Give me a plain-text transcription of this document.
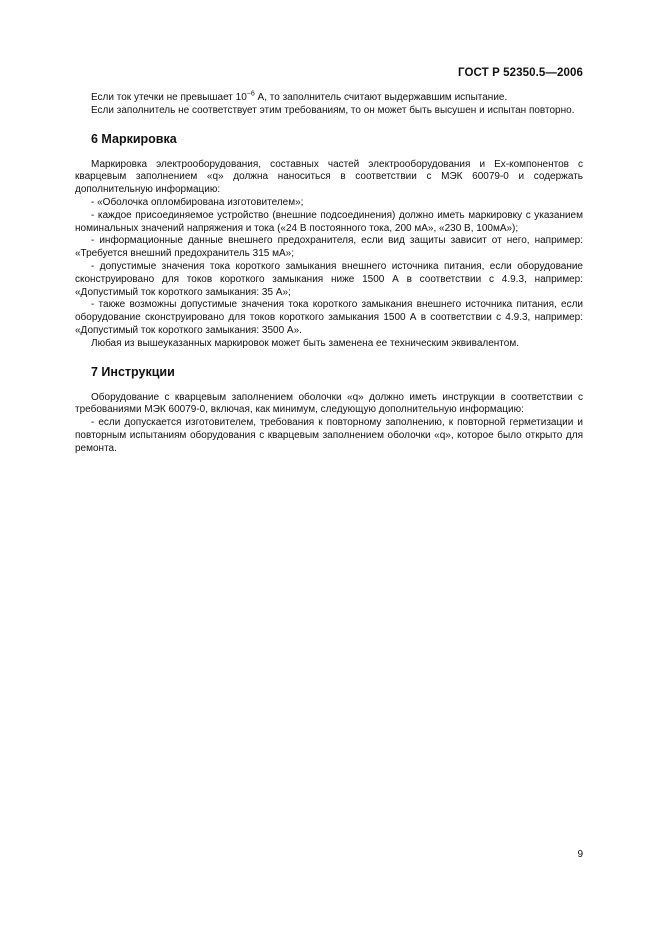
ГОСТ Р 52350.5—2006

Если ток утечки не превышает $10^{-6}$ А, то заполнитель считают выдержавшим испытание.

Если заполнитель не соответствует этим требованиям, то он может быть высушен и испытан повторно.

6 Маркировка

Маркировка электрооборудования, составных частей электрооборудования и Ex-компонентов с кварцевым заполнением «q» должна наноситься в соответствии с МЭК 60079-0 и содержать дополнительную информацию:

- «Оболочка опломбирована изготовителем»;

- каждое присоединяемое устройство (внешние подсоединения) должно иметь маркировку с указанием номинальных значений напряжения и тока («24 В постоянного тока, 200 мА», «230 В, 100мА»);

- информационные данные внешнего предохранителя, если вид защиты зависит от него, например: «Требуется внешний предохранитель 315 мА»;

- допустимые значения тока короткого замыкания внешнего источника питания, если оборудование сконструировано для токов короткого замыкания ниже 1500 А в соответствии с 4.9.3, например: «Допустимый ток короткого замыкания: 35 А»;

- также возможны допустимые значения тока короткого замыкания внешнего источника питания, если оборудование сконструировано для токов короткого замыкания 1500 А в соответствии с 4.9.3, например: «Допустимый ток короткого замыкания: 3500 А».

Любая из вышеуказанных маркировок может быть заменена ее техническим эквивалентом.

7 Инструкции

Оборудование с кварцевым заполнением оболочки «q» должно иметь инструкции в соответствии с требованиями МЭК 60079-0, включая, как минимум, следующую дополнительную информацию:

- если допускается изготовителем, требования к повторному заполнению, к повторной герметизации и повторным испытаниям оборудования с кварцевым заполнением оболочки «q», которое было открыто для ремонта.

9
